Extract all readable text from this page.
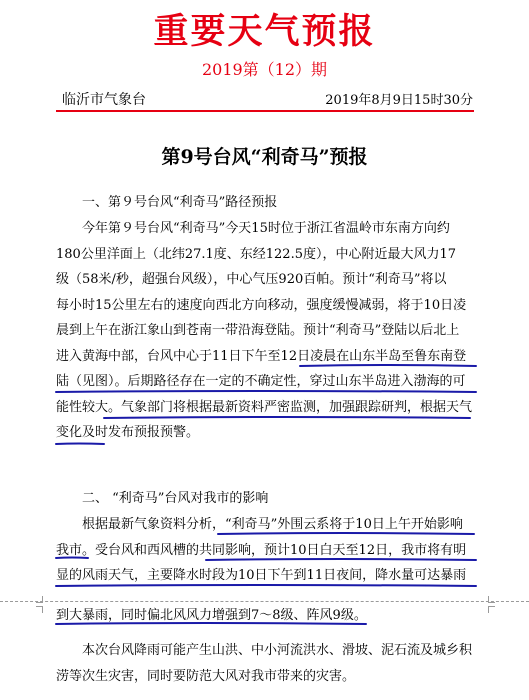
重要天气预报
2019第（12）期
临沂市气象台	2019年8月9日15时30分
第9号台风“利奇马”预报
一、第９号台风“利奇马”路径预报
今年第９号台风“利奇马”今天15时位于浙江省温岭市东南方向约
180公里洋面上（北纬27.1度、东经122.5度），中心附近最大风力17
级（58米/秒，超强台风级），中心气压920百帕。预计“利奇马”将以
每小时15公里左右的速度向西北方向移动，强度缓慢减弱，将于10日凌
晨到上午在浙江象山到苍南一带沿海登陆。预计“利奇马”登陆以后北上
进入黄海中部，台风中心于11日下午至12日凌晨在山东半岛至鲁东南登
陆（见图）。后期路径存在一定的不确定性，穿过山东半岛进入渤海的可
能性较大。气象部门将根据最新资料严密监测，加强跟踪研判，根据天气
变化及时发布预报预警。
二、 “利奇马”台风对我市的影响
根据最新气象资料分析，“利奇马”外围云系将于10日上午开始影响
我市。受台风和西风槽的共同影响，预计10日白天至12日，我市将有明
显的风雨天气，主要降水时段为10日下午到11日夜间，降水量可达暴雨
到大暴雨，同时偏北风风力增强到7～8级、阵风9级。
本次台风降雨可能产生山洪、中小河流洪水、滑坡、泥石流及城乡积
涝等次生灾害，同时要防范大风对我市带来的灾害。
